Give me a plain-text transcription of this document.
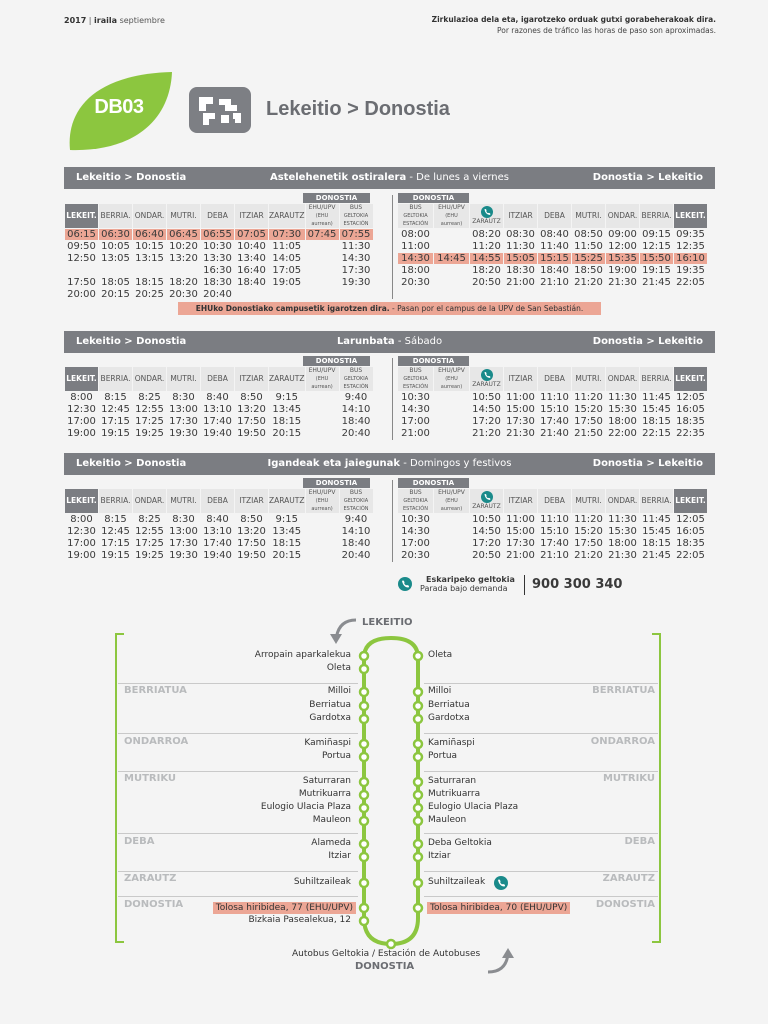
2017 | iraila septiembre	Zirkulazioa dela eta, igarotzeko orduak gutxi gorabeherakoak dira.
Por razones de tráfico las horas de paso son aproximadas.
DB03	Lekeitio > Donostia
Lekeitio > Donostia	Astelehenetik ostiralera - De lunes a viernes	Donostia > Lekeitio
DONOSTIA	DONOSTIA
LEKEIT.	BERRIA.	ONDAR.	MUTRI.	DEBA	ITZIAR	ZARAUTZ	EHU/UPV
(EHU aurrean)	BUS
GELTOKIA ESTACIÓN

06:15	06:30	06:40	06:45	06:55	07:05	07:30	07:45	07:55
09:50	10:05	10:15	10:20	10:30	10:40	11:05		11:30
12:50	13:05	13:15	13:20	13:30	13:40	14:05		14:30
				16:30	16:40	17:05		17:30
17:50	18:05	18:15	18:20	18:30	18:40	19:05		19:30
20:00	20:15	20:25	20:30	20:40				
BUS
GELTOKIA ESTACIÓN	EHU/UPV
(EHU aurrean)	ZARAUTZ	ITZIAR	DEBA	MUTRI.	ONDAR.	BERRIA.	LEKEIT.
08:00		08:20	08:30	08:40	08:50	09:00	09:15	09:35
11:00		11:20	11:30	11:40	11:50	12:00	12:15	12:35
14:30	14:45	14:55	15:05	15:15	15:25	15:35	15:50	16:10
18:00		18:20	18:30	18:40	18:50	19:00	19:15	19:35
20:30		20:50	21:00	21:10	21:20	21:30	21:45	22:05
DONOSTIA	DONOSTIA
LEKEIT.	BERRIA.	ONDAR.	MUTRI.	DEBA	ITZIAR	ZARAUTZ	EHU/UPV
(EHU aurrean)	BUS
GELTOKIA ESTACIÓN

8:00	8:15	8:25	8:30	8:40	8:50	9:15		9:40
12:30	12:45	12:55	13:00	13:10	13:20	13:45		14:10
17:00	17:15	17:25	17:30	17:40	17:50	18:15		18:40
19:00	19:15	19:25	19:30	19:40	19:50	20:15		20:40
BUS
GELTOKIA ESTACIÓN	EHU/UPV
(EHU aurrean)	ZARAUTZ	ITZIAR	DEBA	MUTRI.	ONDAR.	BERRIA.	LEKEIT.
10:30		10:50	11:00	11:10	11:20	11:30	11:45	12:05
14:30		14:50	15:00	15:10	15:20	15:30	15:45	16:05
17:00		17:20	17:30	17:40	17:50	18:00	18:15	18:35
21:00		21:20	21:30	21:40	21:50	22:00	22:15	22:35
DONOSTIA	DONOSTIA
LEKEIT.	BERRIA.	ONDAR.	MUTRI.	DEBA	ITZIAR	ZARAUTZ	EHU/UPV
(EHU aurrean)	BUS
GELTOKIA ESTACIÓN

8:00	8:15	8:25	8:30	8:40	8:50	9:15		9:40
12:30	12:45	12:55	13:00	13:10	13:20	13:45		14:10
17:00	17:15	17:25	17:30	17:40	17:50	18:15		18:40
19:00	19:15	19:25	19:30	19:40	19:50	20:15		20:40
BUS
GELTOKIA ESTACIÓN	EHU/UPV
(EHU aurrean)	ZARAUTZ	ITZIAR	DEBA	MUTRI.	ONDAR.	BERRIA.	LEKEIT.
10:30		10:50	11:00	11:10	11:20	11:30	11:45	12:05
14:30		14:50	15:00	15:10	15:20	15:30	15:45	16:05
17:00		17:20	17:30	17:40	17:50	18:00	18:15	18:35
20:30		20:50	21:00	21:10	21:20	21:30	21:45	22:05
EHUko Donostiako campusetik igarotzen dira. - Pasan por el campus de la UPV de San Sebastián.
Lekeitio > Donostia	Larunbata - Sábado	Donostia > Lekeitio
Lekeitio > Donostia	Igandeak eta jaiegunak - Domingos y festivos	Donostia > Lekeitio
Eskaripeko geltokia
Parada bajo demanda 900 300 340
LEKEITIO
Autobus Geltokia / Estación de Autobuses
DONOSTIA
Arropain aparkalekua
Oleta
Milloi
Berriatua
Gardotxa
Kamiñaspi
Portua
Saturraran
Mutrikuarra
Eulogio Ulacia Plaza
Mauleon
Alameda
Itziar
Suhiltzaileak
Tolosa hiribidea, 77 (EHU/UPV)
Bizkaia Pasealekua, 12
Oleta
Milloi
Berriatua
Gardotxa
Kamiñaspi
Portua
Saturraran
Mutrikuarra
Eulogio Ulacia Plaza
Mauleon
Deba Geltokia
Itziar
Suhiltzaileak
Tolosa hiribidea, 70 (EHU/UPV)
BERRIATUA	BERRIATUA
ONDARROA	ONDARROA
MUTRIKU	MUTRIKU
DEBA	DEBA
ZARAUTZ	ZARAUTZ
DONOSTIA	DONOSTIA
